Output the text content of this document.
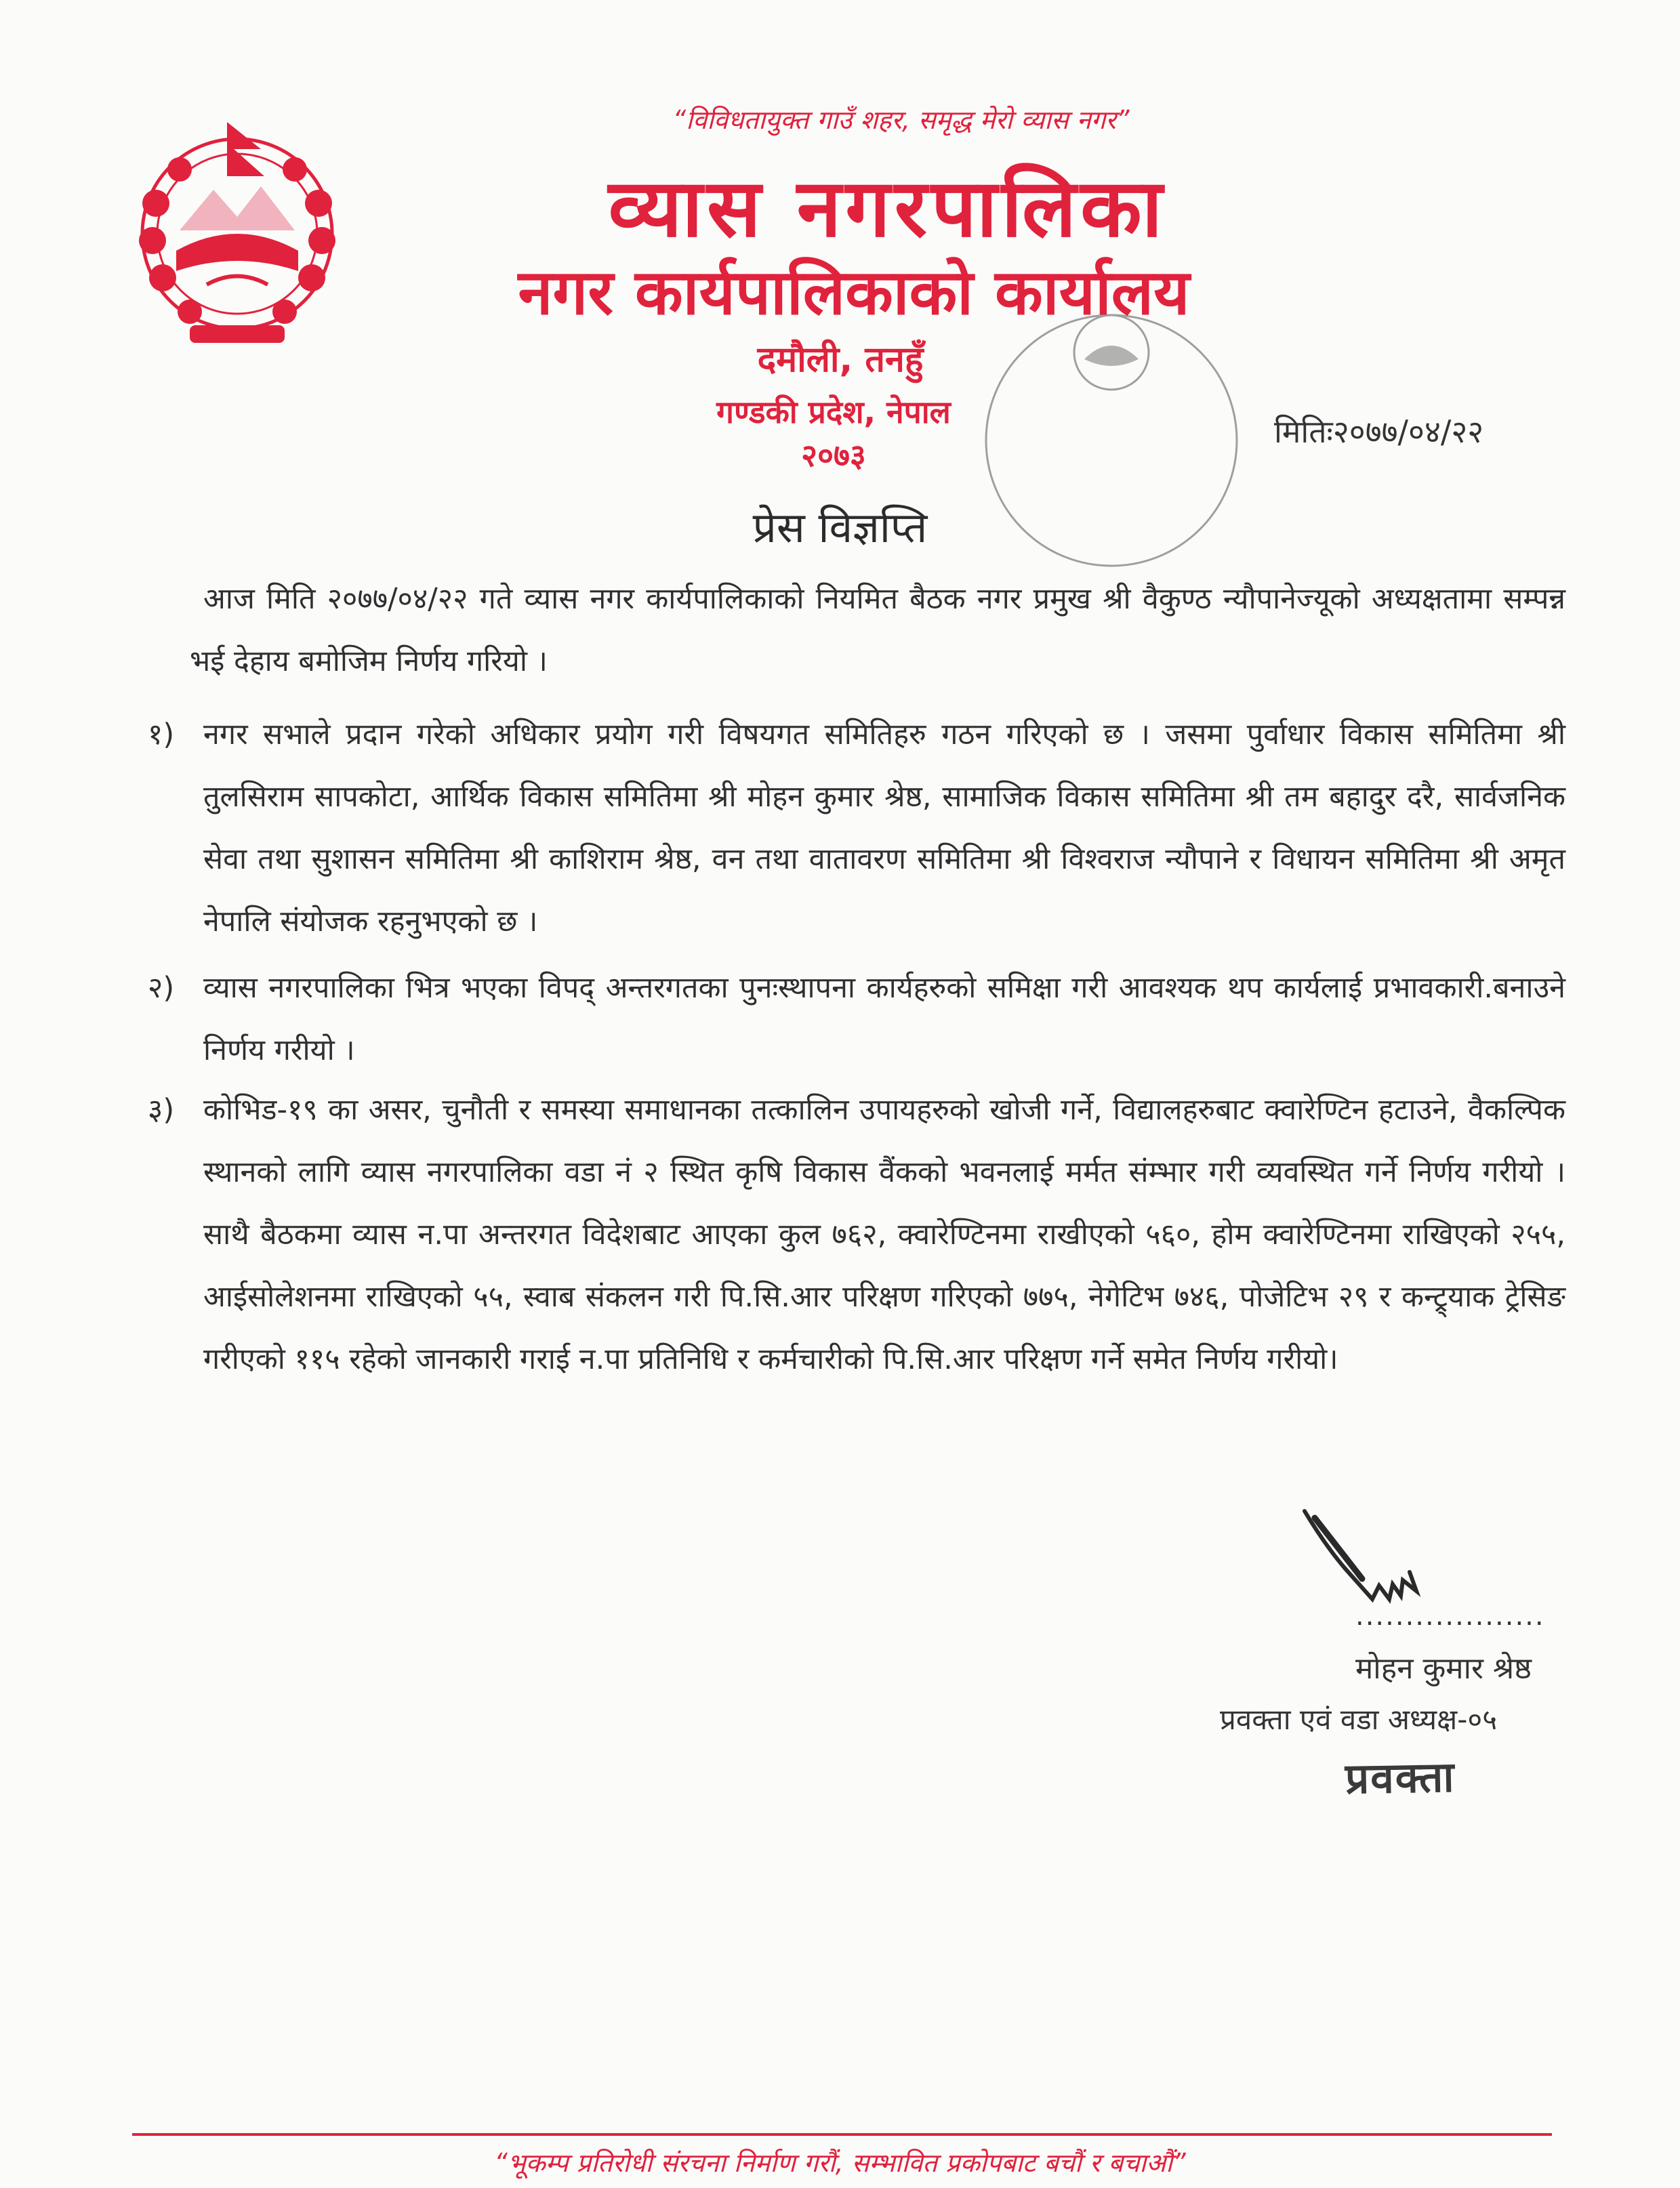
“विविधतायुक्त गाउँ शहर, समृद्ध मेरो व्यास नगर”
व्यास नगरपालिका
नगर कार्यपालिकाको कार्यालय
दमौली, तनहुँ
गण्डकी प्रदेश, नेपाल
२०७३
मितिः२०७७/०४/२२
प्रेस विज्ञप्ति
आज मिति २०७७/०४/२२ गते व्यास नगर कार्यपालिकाको नियमित बैठक नगर प्रमुख श्री वैकुण्ठ न्यौपानेज्यूको अध्यक्षतामा सम्पन्न भई देहाय बमोजिम निर्णय गरियो ।
१) नगर सभाले प्रदान गरेको अधिकार प्रयोग गरी विषयगत समितिहरु गठन गरिएको छ । जसमा पुर्वाधार विकास समितिमा श्री तुलसिराम सापकोटा, आर्थिक विकास समितिमा श्री मोहन कुमार श्रेष्ठ, सामाजिक विकास समितिमा श्री तम बहादुर दरै, सार्वजनिक सेवा तथा सुशासन समितिमा श्री काशिराम श्रेष्ठ, वन तथा वातावरण समितिमा श्री विश्वराज न्यौपाने र विधायन समितिमा श्री अमृत नेपालि संयोजक रहनुभएको छ ।
२) व्यास नगरपालिका भित्र भएका विपद् अन्तरगतका पुनःस्थापना कार्यहरुको समिक्षा गरी आवश्यक थप कार्यलाई प्रभावकारी.बनाउने निर्णय गरीयो ।
३) कोभिड-१९ का असर, चुनौती र समस्या समाधानका तत्कालिन उपायहरुको खोजी गर्ने, विद्यालहरुबाट क्वारेण्टिन हटाउने, वैकल्पिक स्थानको लागि व्यास नगरपालिका वडा नं २ स्थित कृषि विकास वैंकको भवनलाई मर्मत संम्भार गरी व्यवस्थित गर्ने निर्णय गरीयो । साथै बैठकमा व्यास न.पा अन्तरगत विदेशबाट आएका कुल ७६२, क्वारेण्टिनमा राखीएको ५६०, होम क्वारेण्टिनमा राखिएको २५५, आईसोलेशनमा राखिएको ५५, स्वाब संकलन गरी पि.सि.आर परिक्षण गरिएको ७७५, नेगेटिभ ७४६, पोजेटिभ २९ र कन्ट्र्याक ट्रेसिङ गरीएको ११५ रहेको जानकारी गराई न.पा प्रतिनिधि र कर्मचारीको पि.सि.आर परिक्षण गर्ने समेत निर्णय गरीयो।
...................
मोहन कुमार श्रेष्ठ
प्रवक्ता एवं वडा अध्यक्ष-०५
प्रवक्ता
“भूकम्प प्रतिरोधी संरचना निर्माण गरौं, सम्भावित प्रकोपबाट बचौं र बचाऔं”
